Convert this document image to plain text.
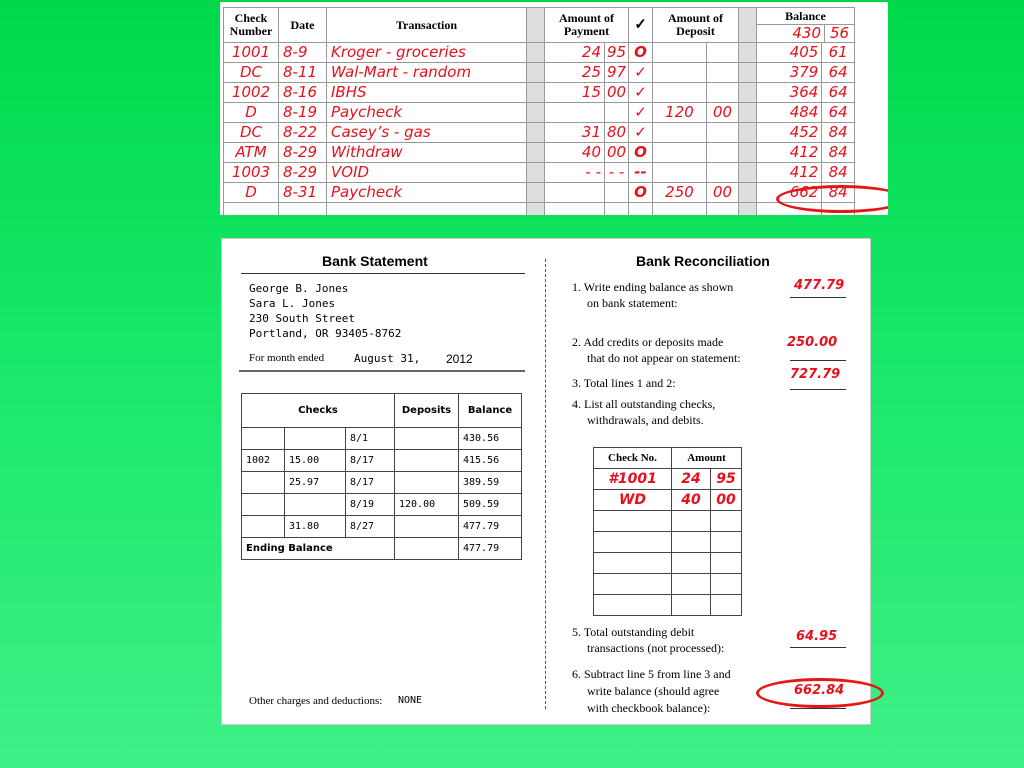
Check Number	Date	Transaction		Amount of Payment		✓	Amount of Deposit			Balance
430 56	

1001	8-9	Kroger - groceries		24	95	O				405	61
DC	8-11	Wal-Mart - random		25	97	✓				379	64
1002	8-16	IBHS		15	00	✓				364	64
D	8-19	Paycheck				✓	120	00		484	64
DC	8-22	Casey’s - gas		31	80	✓				452	84
ATM	8-29	Withdraw		40	00	O				412	84
1003	8-29	VOID		- -	- -	--				412	84
D	8-31	Paycheck				O	250	00		662	84

Bank Statement
George B. Jones
Sara L. Jones
230 South Street
Portland, OR 93405-8762
For month ended	August 31, 2012
Checks			Deposits	Balance
		8/1		430.56
1002	15.00	8/17		415.56
	25.97	8/17		389.59
		8/19	120.00	509.59
	31.80	8/27		477.79
Ending Balance				477.79
Other charges and deductions: NONE
Bank Reconciliation
1. Write ending balance as shown
on bank statement:
477.79
2. Add credits or deposits made
that do not appear on statement:
250.00
3. Total lines 1 and 2:
727.79
4. List all outstanding checks,
withdrawals, and debits.
Check No.	Amount	
#1001	24	95
WD	40	00

5. Total outstanding debit
transactions (not processed):
64.95
6. Subtract line 5 from line 3 and
write balance (should agree
with checkbook balance):
662.84
